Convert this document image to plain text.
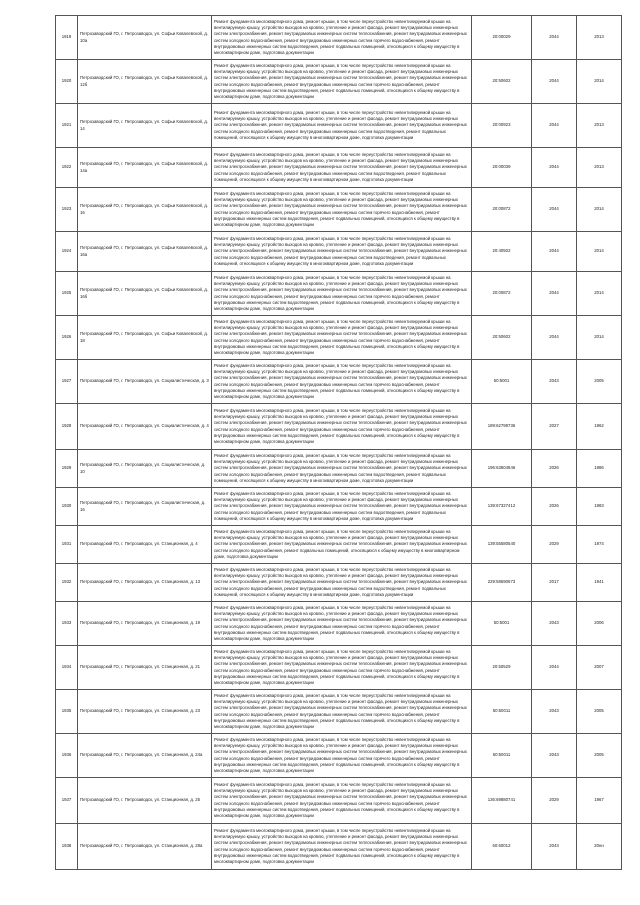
1919	Петрозаводский ГО, г. Петрозаводск, ул. Софьи Ковалевской, д. 10а	Ремонт фундамента многоквартирного дома, ремонт крыши, в том числе переустройство невентилируемой крыши на вентилируемую крышу, устройство выходов на кровлю, утепление и ремонт фасада, ремонт внутридомовых инженерных систем электроснабжения, ремонт внутридомовых инженерных систем теплоснабжения, ремонт внутридомовых инженерных систем холодного водоснабжения, ремонт внутридомовых инженерных систем горячего водоснабжения, ремонт внутридомовых инженерных систем водоотведения, ремонт подвальных помещений, относящихся к общему имуществу в многоквартирном доме, подготовка документации	20:00029	2044	2013

1920	Петрозаводский ГО, г. Петрозаводск, ул. Софьи Ковалевской, д. 12б	Ремонт фундамента многоквартирного дома, ремонт крыши, в том числе переустройство невентилируемой крыши на вентилируемую крышу, устройство выходов на кровлю, утепление и ремонт фасада, ремонт внутридомовых инженерных систем электроснабжения, ремонт внутридомовых инженерных систем теплоснабжения, ремонт внутридомовых инженерных систем холодного водоснабжения, ремонт внутридомовых инженерных систем горячего водоснабжения, ремонт внутридомовых инженерных систем водоотведения, ремонт подвальных помещений, относящихся к общему имуществу в многоквартирном доме, подготовка документации	20:50602	2044	2014

1921	Петрозаводский ГО, г. Петрозаводск, ул. Софьи Ковалевской, д. 14	Ремонт фундамента многоквартирного дома, ремонт крыши, в том числе переустройство невентилируемой крыши на вентилируемую крышу, устройство выходов на кровлю, утепление и ремонт фасада, ремонт внутридомовых инженерных систем электроснабжения, ремонт внутридомовых инженерных систем теплоснабжения, ремонт внутридомовых инженерных систем холодного водоснабжения, ремонт внутридомовых инженерных систем водоотведения, ремонт подвальных помещений, относящихся к общему имуществу в многоквартирном доме, подготовка документации	20:00923	2044	2013

1922	Петрозаводский ГО, г. Петрозаводск, ул. Софьи Ковалевской, д. 14а	Ремонт фундамента многоквартирного дома, ремонт крыши, в том числе переустройство невентилируемой крыши на вентилируемую крышу, устройство выходов на кровлю, утепление и ремонт фасада, ремонт внутридомовых инженерных систем электроснабжения, ремонт внутридомовых инженерных систем теплоснабжения, ремонт внутридомовых инженерных систем холодного водоснабжения, ремонт внутридомовых инженерных систем водоотведения, ремонт подвальных помещений, относящихся к общему имуществу в многоквартирном доме, подготовка документации	20:00039	2044	2013

1923	Петрозаводский ГО, г. Петрозаводск, ул. Софьи Ковалевской, д. 16	Ремонт фундамента многоквартирного дома, ремонт крыши, в том числе переустройство невентилируемой крыши на вентилируемую крышу, устройство выходов на кровлю, утепление и ремонт фасада, ремонт внутридомовых инженерных систем электроснабжения, ремонт внутридомовых инженерных систем теплоснабжения, ремонт внутридомовых инженерных систем холодного водоснабжения, ремонт внутридомовых инженерных систем горячего водоснабжения, ремонт внутридомовых инженерных систем водоотведения, ремонт подвальных помещений, относящихся к общему имуществу в многоквартирном доме, подготовка документации	20:00872	2044	2014

1924	Петрозаводский ГО, г. Петрозаводск, ул. Софьи Ковалевской, д. 16а	Ремонт фундамента многоквартирного дома, ремонт крыши, в том числе переустройство невентилируемой крыши на вентилируемую крышу, устройство выходов на кровлю, утепление и ремонт фасада, ремонт внутридомовых инженерных систем электроснабжения, ремонт внутридомовых инженерных систем теплоснабжения, ремонт внутридомовых инженерных систем холодного водоснабжения, ремонт внутридомовых инженерных систем водоотведения, ремонт подвальных помещений, относящихся к общему имуществу в многоквартирном доме, подготовка документации	20:40502	2044	2014

1925	Петрозаводский ГО, г. Петрозаводск, ул. Софьи Ковалевской, д. 16б	Ремонт фундамента многоквартирного дома, ремонт крыши, в том числе переустройство невентилируемой крыши на вентилируемую крышу, устройство выходов на кровлю, утепление и ремонт фасада, ремонт внутридомовых инженерных систем электроснабжения, ремонт внутридомовых инженерных систем теплоснабжения, ремонт внутридомовых инженерных систем холодного водоснабжения, ремонт внутридомовых инженерных систем горячего водоснабжения, ремонт внутридомовых инженерных систем водоотведения, ремонт подвальных помещений, относящихся к общему имуществу в многоквартирном доме, подготовка документации	20:00872	2044	2014

1926	Петрозаводский ГО, г. Петрозаводск, ул. Софьи Ковалевской, д. 18	Ремонт фундамента многоквартирного дома, ремонт крыши, в том числе переустройство невентилируемой крыши на вентилируемую крышу, устройство выходов на кровлю, утепление и ремонт фасада, ремонт внутридомовых инженерных систем электроснабжения, ремонт внутридомовых инженерных систем теплоснабжения, ремонт внутридомовых инженерных систем холодного водоснабжения, ремонт внутридомовых инженерных систем горячего водоснабжения, ремонт внутридомовых инженерных систем водоотведения, ремонт подвальных помещений, относящихся к общему имуществу в многоквартирном доме, подготовка документации	20:50602	2044	2014

1927	Петрозаводский ГО, г. Петрозаводск, ул. Социалистическая, д. 3	Ремонт фундамента многоквартирного дома, ремонт крыши, в том числе переустройство невентилируемой крыши на вентилируемую крышу, устройство выходов на кровлю, утепление и ремонт фасада, ремонт внутридомовых инженерных систем электроснабжения, ремонт внутридомовых инженерных систем теплоснабжения, ремонт внутридомовых инженерных систем холодного водоснабжения, ремонт внутридомовых инженерных систем горячего водоснабжения, ремонт внутридомовых инженерных систем водоотведения, ремонт подвальных помещений, относящихся к общему имуществу в многоквартирном доме, подготовка документации	50:5001	2043	2005

1928	Петрозаводский ГО, г. Петрозаводск, ул. Социалистическая, д. 4	Ремонт фундамента многоквартирного дома, ремонт крыши, в том числе переустройство невентилируемой крыши на вентилируемую крышу, устройство выходов на кровлю, утепление и ремонт фасада, ремонт внутридомовых инженерных систем электроснабжения, ремонт внутридомовых инженерных систем теплоснабжения, ремонт внутридомовых инженерных систем холодного водоснабжения, ремонт внутридомовых инженерных систем горячего водоснабжения, ремонт внутридомовых инженерных систем водоотведения, ремонт подвальных помещений, относящихся к общему имуществу в многоквартирном доме, подготовка документации	189:62799736	2027	1962

1929	Петрозаводский ГО, г. Петрозаводск, ул. Социалистическая, д. 10	Ремонт фундамента многоквартирного дома, ремонт крыши, в том числе переустройство невентилируемой крыши на вентилируемую крышу, устройство выходов на кровлю, утепление и ремонт фасада, ремонт внутридомовых инженерных систем электроснабжения, ремонт внутридомовых инженерных систем теплоснабжения, ремонт внутридомовых инженерных систем холодного водоснабжения, ремонт внутридомовых инженерных систем водоотведения, ремонт подвальных помещений, относящихся к общему имуществу в многоквартирном доме, подготовка документации	196:63604846	2026	1986

1930	Петрозаводский ГО, г. Петрозаводск, ул. Социалистическая, д. 16	Ремонт фундамента многоквартирного дома, ремонт крыши, в том числе переустройство невентилируемой крыши на вентилируемую крышу, устройство выходов на кровлю, утепление и ремонт фасада, ремонт внутридомовых инженерных систем электроснабжения, ремонт внутридомовых инженерных систем теплоснабжения, ремонт внутридомовых инженерных систем холодного водоснабжения, ремонт внутридомовых инженерных систем водоотведения, ремонт подвальных помещений, относящихся к общему имуществу в многоквартирном доме, подготовка документации	139:67327412	2026	1983

1931	Петрозаводский ГО, г. Петрозаводск, ул. Станционная, д. 4	Ремонт фундамента многоквартирного дома, ремонт крыши, в том числе переустройство невентилируемой крыши на вентилируемую крышу, устройство выходов на кровлю, утепление и ремонт фасада, ремонт внутридомовых инженерных систем электроснабжения, ремонт внутридомовых инженерных систем теплоснабжения, ремонт внутридомовых инженерных систем холодного водоснабжения, ремонт подвальных помещений, относящихся к общему имуществу в многоквартирном доме, подготовка документации	139:55580540	2029	1974

1932	Петрозаводский ГО, г. Петрозаводск, ул. Станционная, д. 13	Ремонт фундамента многоквартирного дома, ремонт крыши, в том числе переустройство невентилируемой крыши на вентилируемую крышу, устройство выходов на кровлю, утепление и ремонт фасада, ремонт внутридомовых инженерных систем электроснабжения, ремонт внутридомовых инженерных систем теплоснабжения, ремонт внутридомовых инженерных систем холодного водоснабжения, ремонт внутридомовых инженерных систем водоотведения, ремонт подвальных помещений, относящихся к общему имуществу в многоквартирном доме, подготовка документации	229:58690673	2017	1941

1933	Петрозаводский ГО, г. Петрозаводск, ул. Станционная, д. 19	Ремонт фундамента многоквартирного дома, ремонт крыши, в том числе переустройство невентилируемой крыши на вентилируемую крышу, устройство выходов на кровлю, утепление и ремонт фасада, ремонт внутридомовых инженерных систем электроснабжения, ремонт внутридомовых инженерных систем теплоснабжения, ремонт внутридомовых инженерных систем холодного водоснабжения, ремонт внутридомовых инженерных систем горячего водоснабжения, ремонт внутридомовых инженерных систем водоотведения, ремонт подвальных помещений, относящихся к общему имуществу в многоквартирном доме, подготовка документации	50:5001	2043	2006

1934	Петрозаводский ГО, г. Петрозаводск, ул. Станционная, д. 21	Ремонт фундамента многоквартирного дома, ремонт крыши, в том числе переустройство невентилируемой крыши на вентилируемую крышу, устройство выходов на кровлю, утепление и ремонт фасада, ремонт внутридомовых инженерных систем электроснабжения, ремонт внутридомовых инженерных систем теплоснабжения, ремонт внутридомовых инженерных систем холодного водоснабжения, ремонт внутридомовых инженерных систем горячего водоснабжения, ремонт внутридомовых инженерных систем водоотведения, ремонт подвальных помещений, относящихся к общему имуществу в многоквартирном доме, подготовка документации	20:50529	2044	2007

1935	Петрозаводский ГО, г. Петрозаводск, ул. Станционная, д. 23	Ремонт фундамента многоквартирного дома, ремонт крыши, в том числе переустройство невентилируемой крыши на вентилируемую крышу, устройство выходов на кровлю, утепление и ремонт фасада, ремонт внутридомовых инженерных систем электроснабжения, ремонт внутридомовых инженерных систем теплоснабжения, ремонт внутридомовых инженерных систем холодного водоснабжения, ремонт внутридомовых инженерных систем горячего водоснабжения, ремонт внутридомовых инженерных систем водоотведения, ремонт подвальных помещений, относящихся к общему имуществу в многоквартирном доме, подготовка документации	50:50011	2043	2005

1936	Петрозаводский ГО, г. Петрозаводск, ул. Станционная, д. 24а	Ремонт фундамента многоквартирного дома, ремонт крыши, в том числе переустройство невентилируемой крыши на вентилируемую крышу, устройство выходов на кровлю, утепление и ремонт фасада, ремонт внутридомовых инженерных систем электроснабжения, ремонт внутридомовых инженерных систем теплоснабжения, ремонт внутридомовых инженерных систем холодного водоснабжения, ремонт внутридомовых инженерных систем горячего водоснабжения, ремонт внутридомовых инженерных систем водоотведения, ремонт подвальных помещений, относящихся к общему имуществу в многоквартирном доме, подготовка документации	50:50011	2043	2005

1937	Петрозаводский ГО, г. Петрозаводск, ул. Станционная, д. 25	Ремонт фундамента многоквартирного дома, ремонт крыши, в том числе переустройство невентилируемой крыши на вентилируемую крышу, устройство выходов на кровлю, утепление и ремонт фасада, ремонт внутридомовых инженерных систем электроснабжения, ремонт внутридомовых инженерных систем теплоснабжения, ремонт внутридомовых инженерных систем холодного водоснабжения, ремонт внутридомовых инженерных систем горячего водоснабжения, ремонт внутридомовых инженерных систем водоотведения, ремонт подвальных помещений, относящихся к общему имуществу в многоквартирном доме, подготовка документации	136:69880741	2029	1967

1938	Петрозаводский ГО, г. Петрозаводск, ул. Станционная, д. 28а	Ремонт фундамента многоквартирного дома, ремонт крыши, в том числе переустройство невентилируемой крыши на вентилируемую крышу, устройство выходов на кровлю, утепление и ремонт фасада, ремонт внутридомовых инженерных систем электроснабжения, ремонт внутридомовых инженерных систем теплоснабжения, ремонт внутридомовых инженерных систем холодного водоснабжения, ремонт внутридомовых инженерных систем горячего водоснабжения, ремонт внутридомовых инженерных систем водоотведения, ремонт подвальных помещений, относящихся к общему имуществу в многоквартирном доме, подготовка документации	60:60012	2043	20нн
